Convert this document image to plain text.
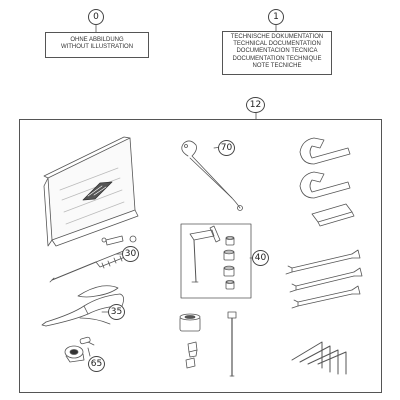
0
OHNE ABBILDUNG
WITHOUT ILLUSTRATION
1
TECHNISCHE DOKUMENTATION
TECHNICAL DOCUMENTATION
DOCUMENTACION TECNICA
DOCUMENTATION TECHNIQUE
NOTE TECNICHE
12
70
30	40
35
65
